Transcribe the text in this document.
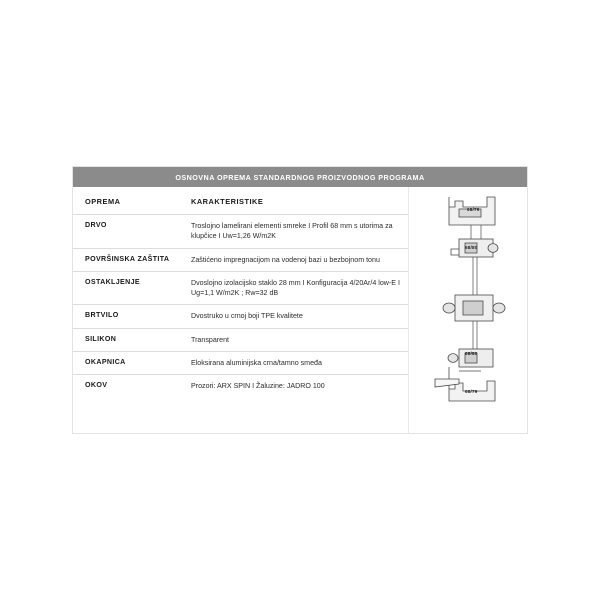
OSNOVNA OPREMA STANDARDNOG PROIZVODNOG PROGRAMA
OPREMA	KARAKTERISTIKE
DRVO	Troslojno lamelirani elementi smreke I Profil 68 mm s utorima za klupčice I Uw=1,26 W/m2K
POVRŠINSKA ZAŠTITA	Zaštićeno impregnacijom na vodenoj bazi u bezbojnom tonu
OSTAKLJENJE	Dvoslojno izolacijsko staklo 28 mm I Konfiguracija 4/20Ar/4 low-E I Ug=1,1 W/m2K ; Rw=32 dB
BRTVILO	Dvostruko u crnoj boji TPE kvalitete
SILIKON	Transparent
OKAPNICA	Eloksirana aluminijska crna/tamno smeđa
OKOV	Prozori: ARX SPIN I Žaluzine: JADRO 100
68/79
68/80
68/80
68/79
